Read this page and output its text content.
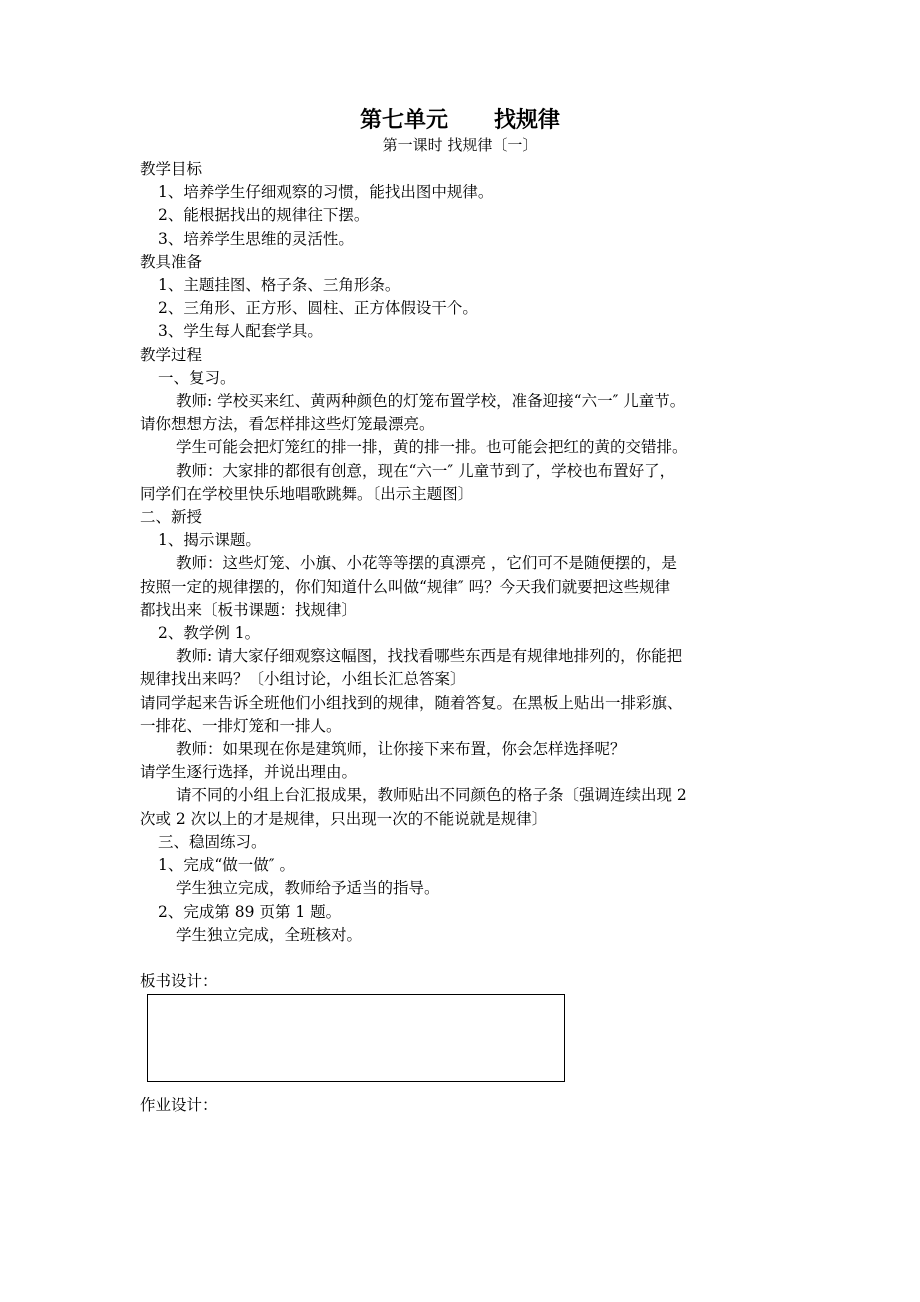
第七单元 找规律
第一课时 找规律〔一〕

教学目标

1、培养学生仔细观察的习惯，能找出图中规律。

2、能根据找出的规律往下摆。

3、培养学生思维的灵活性。

教具准备

1、主题挂图、格子条、三角形条。

2、三角形、正方形、圆柱、正方体假设干个。

3、学生每人配套学具。

教学过程

一、复习。

教师: 学校买来红、黄两种颜色的灯笼布置学校，准备迎接“六一″ 儿童节。

请你想想方法，看怎样排这些灯笼最漂亮。

学生可能会把灯笼红的排一排，黄的排一排。也可能会把红的黄的交错排。

教师：大家排的都很有创意，现在“六一″ 儿童节到了，学校也布置好了，

同学们在学校里快乐地唱歌跳舞。〔出示主题图〕

二、新授

1、揭示课题。

教师：这些灯笼、小旗、小花等等摆的真漂亮 ，它们可不是随便摆的，是

按照一定的规律摆的，你们知道什么叫做“规律″ 吗？今天我们就要把这些规律

都找出来〔板书课题：找规律〕

2、教学例 1。

教师: 请大家仔细观察这幅图，找找看哪些东西是有规律地排列的，你能把

规律找出来吗？〔小组讨论，小组长汇总答案〕

请同学起来告诉全班他们小组找到的规律，随着答复。在黑板上贴出一排彩旗、

一排花、一排灯笼和一排人。

教师：如果现在你是建筑师，让你接下来布置，你会怎样选择呢？

请学生逐行选择，并说出理由。

请不同的小组上台汇报成果，教师贴出不同颜色的格子条〔强调连续出现 2

次或 2 次以上的才是规律，只出现一次的不能说就是规律〕

三、稳固练习。

1、完成“做一做″ 。

学生独立完成，教师给予适当的指导。

2、完成第 89 页第 1 题。

学生独立完成，全班核对。

板书设计：

作业设计：
